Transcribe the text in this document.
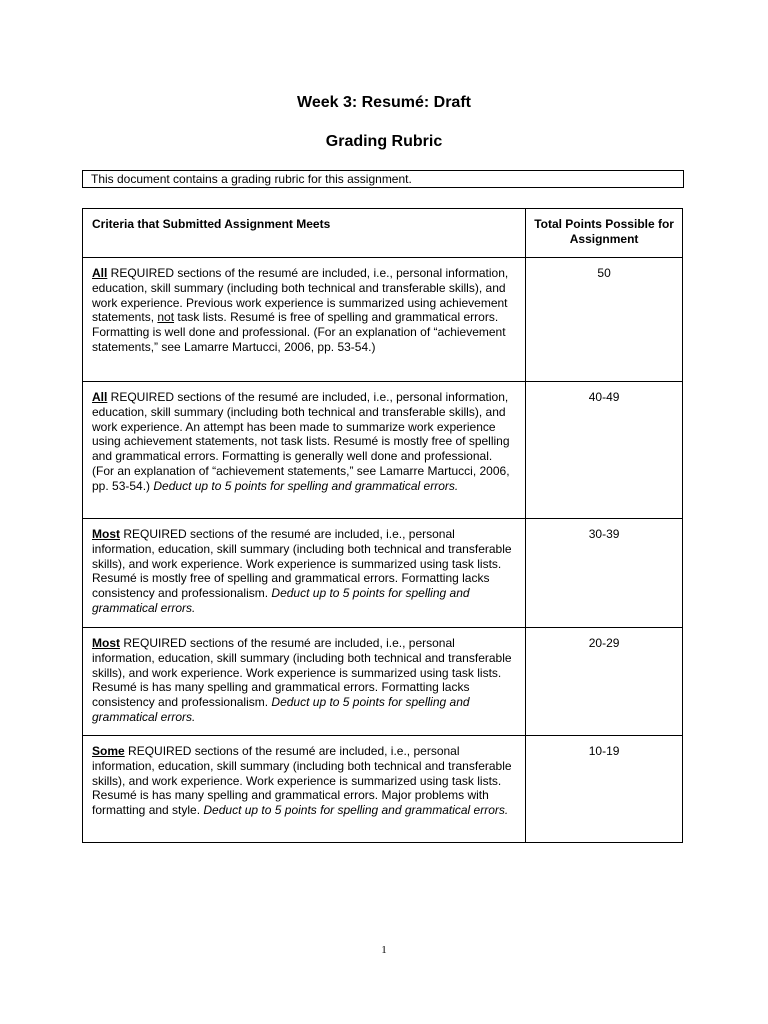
Week 3: Resumé: Draft
Grading Rubric
This document contains a grading rubric for this assignment.
Criteria that Submitted Assignment Meets	Total Points Possible for Assignment
All REQUIRED sections of the resumé are included, i.e., personal information, education, skill summary (including both technical and transferable skills), and work experience. Previous work experience is summarized using achievement statements, not task lists. Resumé is free of spelling and grammatical errors. Formatting is well done and professional. (For an explanation of “achievement statements,” see Lamarre Martucci, 2006, pp. 53-54.)	50
All REQUIRED sections of the resumé are included, i.e., personal information, education, skill summary (including both technical and transferable skills), and work experience. An attempt has been made to summarize work experience using achievement statements, not task lists. Resumé is mostly free of spelling and grammatical errors. Formatting is generally well done and professional. (For an explanation of “achievement statements,” see Lamarre Martucci, 2006, pp. 53-54.) Deduct up to 5 points for spelling and grammatical errors.	40-49
Most REQUIRED sections of the resumé are included, i.e., personal information, education, skill summary (including both technical and transferable skills), and work experience. Work experience is summarized using task lists. Resumé is mostly free of spelling and grammatical errors. Formatting lacks consistency and professionalism. Deduct up to 5 points for spelling and grammatical errors.	30-39
Most REQUIRED sections of the resumé are included, i.e., personal information, education, skill summary (including both technical and transferable skills), and work experience. Work experience is summarized using task lists. Resumé is has many spelling and grammatical errors. Formatting lacks consistency and professionalism. Deduct up to 5 points for spelling and grammatical errors.	20-29
Some REQUIRED sections of the resumé are included, i.e., personal information, education, skill summary (including both technical and transferable skills), and work experience. Work experience is summarized using task lists. Resumé is has many spelling and grammatical errors. Major problems with formatting and style. Deduct up to 5 points for spelling and grammatical errors.	10-19
1
